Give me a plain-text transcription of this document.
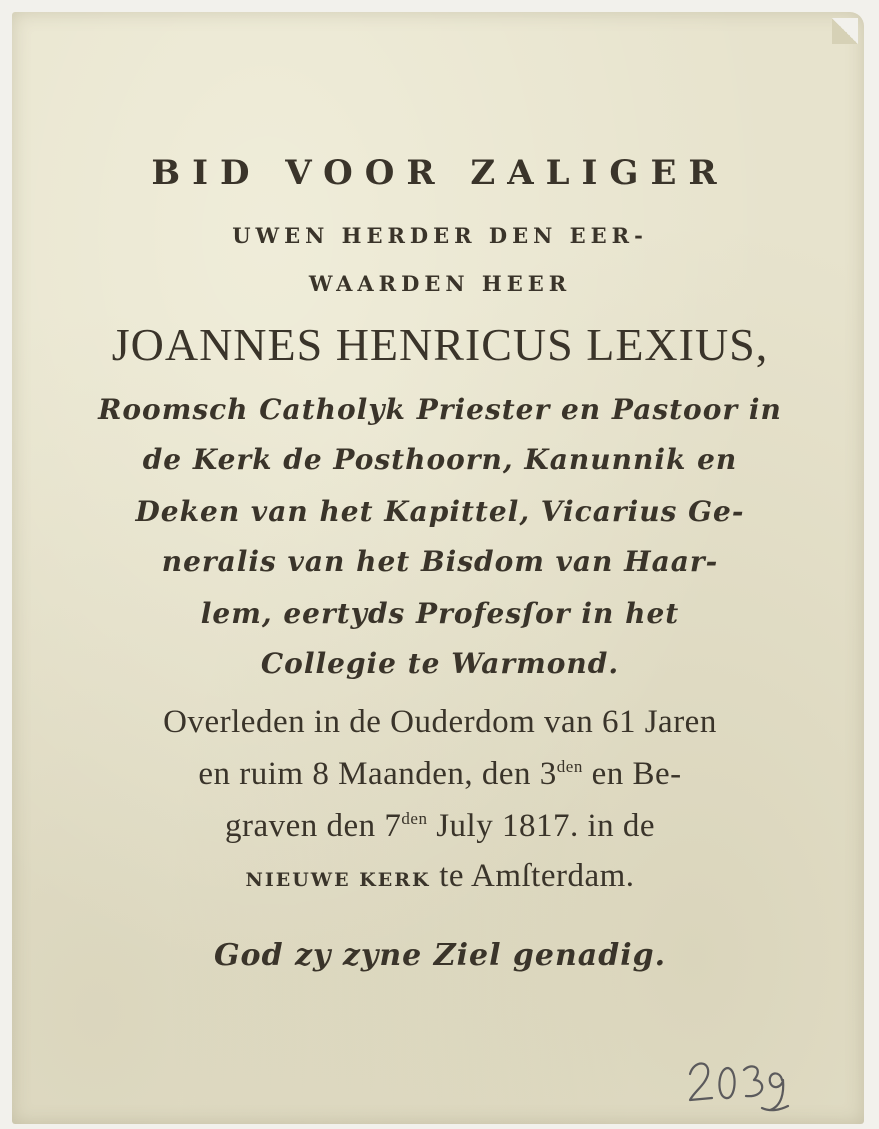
BID VOOR ZALIGER
UWEN HERDER DEN EER-
WAARDEN HEER
JOANNES HENRICUS LEXIUS,
Roomsch Catholyk Priester en Pastoor in
de Kerk de Posthoorn, Kanunnik en
Deken van het Kapittel, Vicarius Ge-
neralis van het Bisdom van Haar-
lem, eertyds Profesſor in het
Collegie te Warmond.
Overleden in de Ouderdom van 61 Jaren
en ruim 8 Maanden, den $3^{den}$ en Be-
graven den $7^{den}$ July 1817. in de
NIEUWE KERK te Amſterdam.
God zy zyne Ziel genadig.
